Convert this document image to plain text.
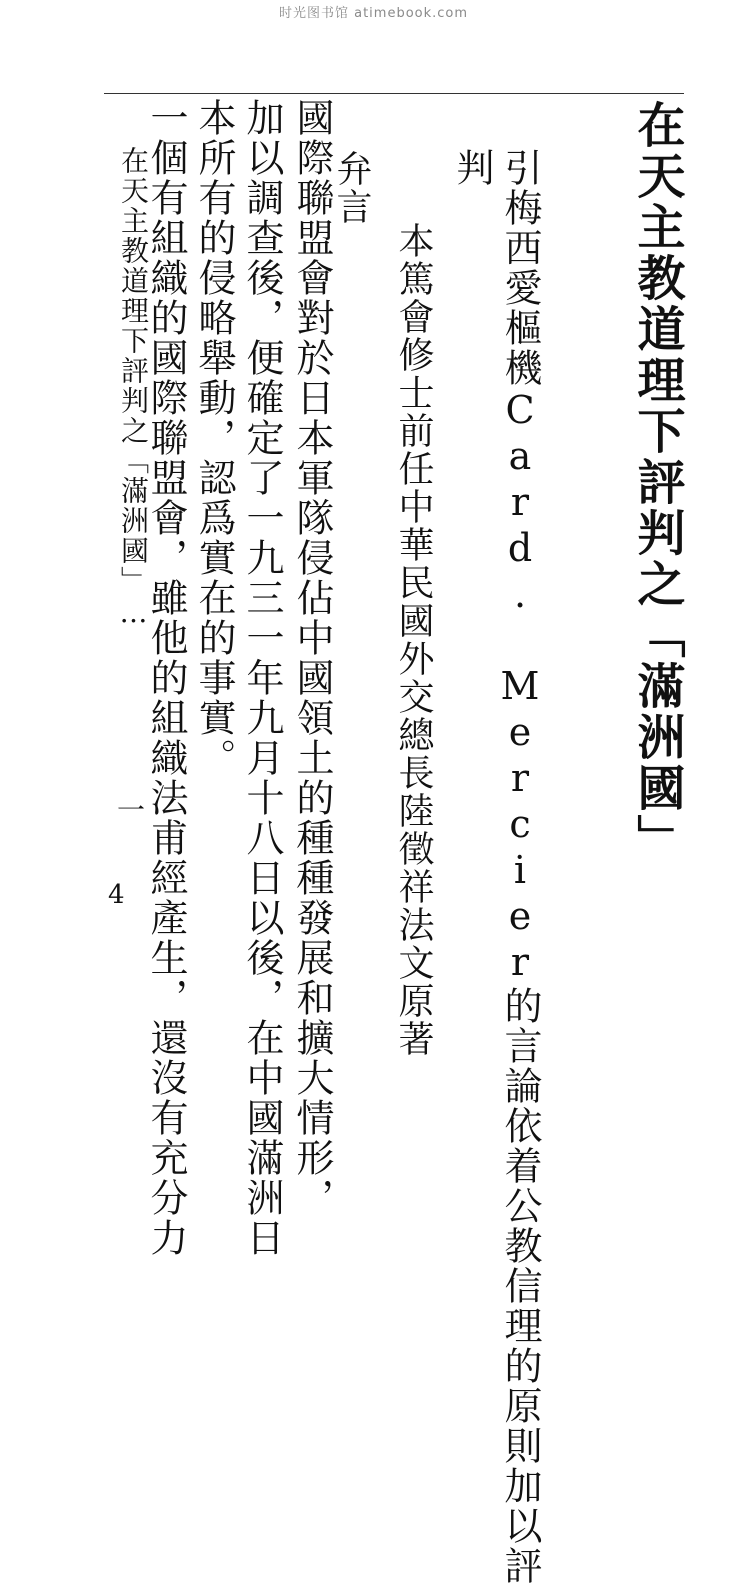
时光图书馆 atimebook.com
在天主教道理下評判之「滿洲國」
引梅西愛樞機Card. Mercier的言論依着公教信理的原則加以評
判
本篤會修士前任中華民國外交總長陸徵祥法文原著
弁言
國際聯盟會對於日本軍隊侵佔中國領土的種種發展和擴大情形，
加以調查後，便確定了一九三一年九月十八日以後，在中國滿洲日
本所有的侵略舉動，認爲實在的事實。
一個有組織的國際聯盟會，雖他的組織法甫經產生，還沒有充分力
在天主教道理下評判之「滿洲國」…
一
4
